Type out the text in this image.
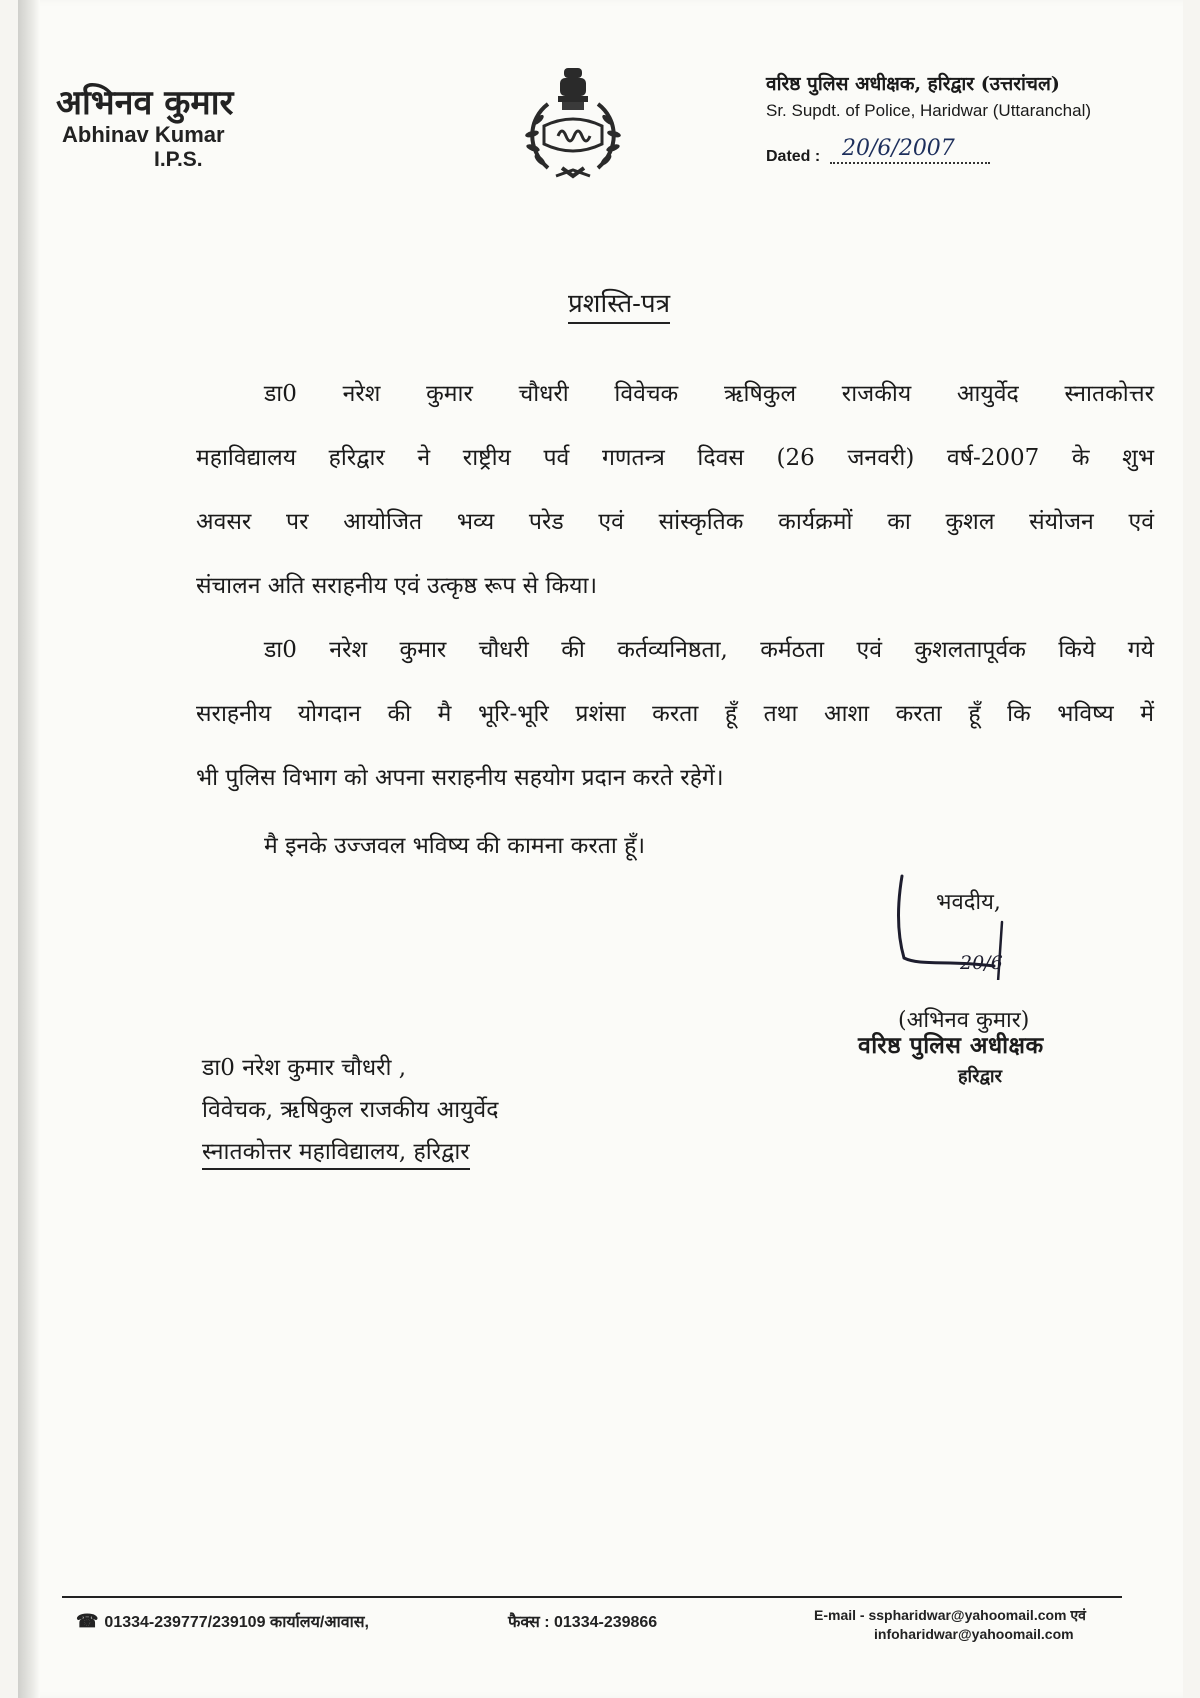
अभिनव कुमार
Abhinav Kumar
I.P.S.
वरिष्ठ पुलिस अधीक्षक, हरिद्वार (उत्तरांचल)
Sr. Supdt. of Police, Haridwar (Uttaranchal)
Dated : 20/6/2007
प्रशस्ति-पत्र
डा0 नरेश कुमार चौधरी विवेचक ऋषिकुल राजकीय आयुर्वेद स्नातकोत्तर
महाविद्यालय हरिद्वार ने राष्ट्रीय पर्व गणतन्त्र दिवस (26 जनवरी) वर्ष-2007 के शुभ
अवसर पर आयोजित भव्य परेड एवं सांस्कृतिक कार्यक्रमों का कुशल संयोजन एवं
संचालन अति सराहनीय एवं उत्कृष्ठ रूप से किया।
डा0 नरेश कुमार चौधरी की कर्तव्यनिष्ठता, कर्मठता एवं कुशलतापूर्वक किये गये
सराहनीय योगदान की मै भूरि-भूरि प्रशंसा करता हूँ तथा आशा करता हूँ कि भविष्य में
भी पुलिस विभाग को अपना सराहनीय सहयोग प्रदान करते रहेगें।
मै इनके उज्जवल भविष्य की कामना करता हूँ।
भवदीय,
20/6
(अभिनव कुमार)
वरिष्ठ पुलिस अधीक्षक
हरिद्वार
डा0 नरेश कुमार चौधरी ,
विवेचक, ऋषिकुल राजकीय आयुर्वेद
स्नातकोत्तर महाविद्यालय, हरिद्वार
☎ 01334-239777/239109 कार्यालय/आवास,	फैक्स : 01334-239866	E-mail - sspharidwar@yahoomail.com एवं
infoharidwar@yahoomail.com
